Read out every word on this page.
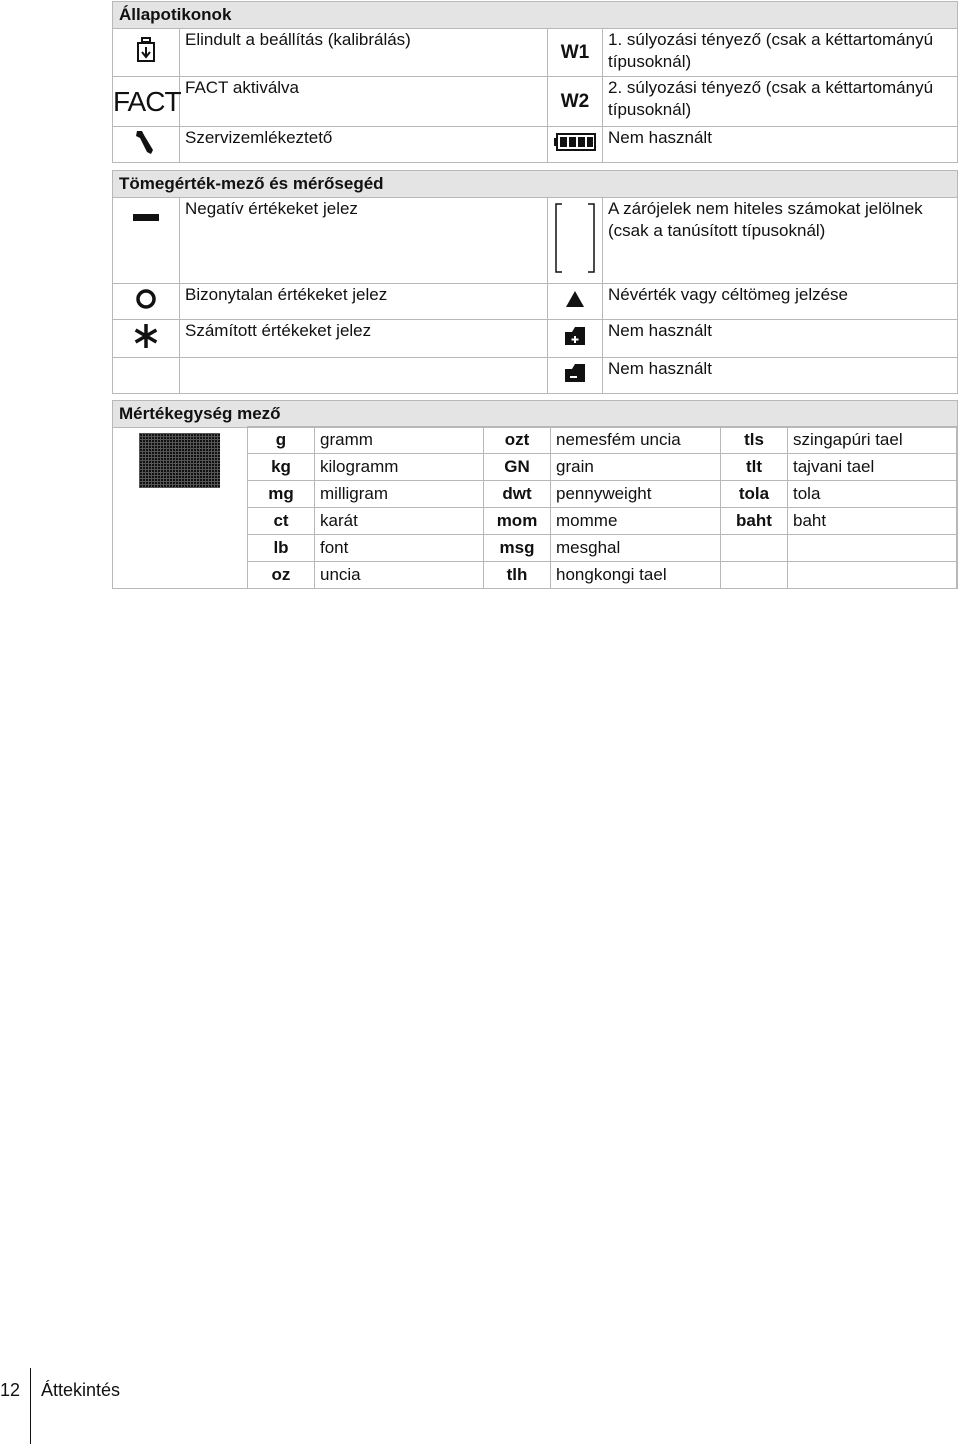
Állapotikonok			
	Elindult a beállítás (kalibrálás)	W1	1. súlyozási tényező (csak a kéttartományú típusoknál)
FACT	FACT aktiválva	W2	2. súlyozási tényező (csak a kéttartományú típusoknál)
	Szervizemlékeztető		Nem használt
Tömegérték-mező és mérősegéd			
	Negatív értékeket jelez		A zárójelek nem hiteles számokat jelölnek (csak a tanúsított típusoknál)
	Bizonytalan értékeket jelez		Névérték vagy céltömeg jelzése
	Számított értékeket jelez		Nem használt
			Nem használt
Mértékegység mező

g	gramm	ozt	nemesfém uncia	tls	szingapúri tael
kg	kilogramm	GN	grain	tlt	tajvani tael
mg	milligram	dwt	pennyweight	tola	tola
ct	karát	mom	momme	baht	baht
lb	font	msg	mesghal		
oz	uncia	tlh	hongkongi tael		
12 Áttekintés
